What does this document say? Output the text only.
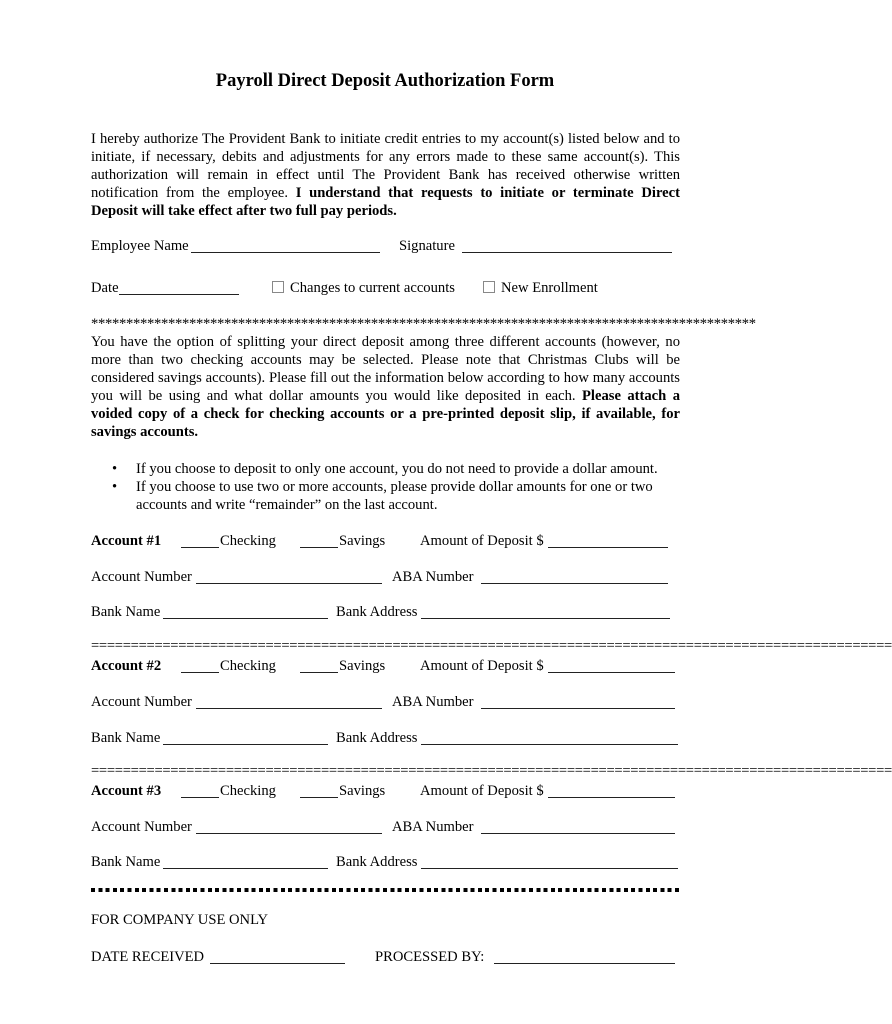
Payroll Direct Deposit Authorization Form
I hereby authorize The Provident Bank to initiate credit entries to my account(s) listed below and to initiate, if necessary, debits and adjustments for any errors made to these same account(s). This authorization will remain in effect until The Provident Bank has received otherwise written notification from the employee. I understand that requests to initiate or terminate Direct Deposit will take effect after two full pay periods.
Employee Name	Signature
Date	Changes to current accounts	New Enrollment
***********************************************************************************************
You have the option of splitting your direct deposit among three different accounts (however, no more than two checking accounts may be selected. Please note that Christmas Clubs will be considered savings accounts). Please fill out the information below according to how many accounts you will be using and what dollar amounts you would like deposited in each. Please attach a voided copy of a check for checking accounts or a pre-printed deposit slip, if available, for savings accounts.
• If you choose to deposit to only one account, you do not need to provide a dollar amount.
• If you choose to use two or more accounts, please provide dollar amounts for one or two accounts and write “remainder” on the last account.
Account #1	Checking	Savings Amount of Deposit $
Account Number	ABA Number
Bank Name	Bank Address
=====================================================================================================
Account #2	Checking	Savings Amount of Deposit $
Account Number	ABA Number
Bank Name	Bank Address
=====================================================================================================
Account #3	Checking	Savings Amount of Deposit $
Account Number	ABA Number
Bank Name	Bank Address
FOR COMPANY USE ONLY
DATE RECEIVED	PROCESSED BY:
